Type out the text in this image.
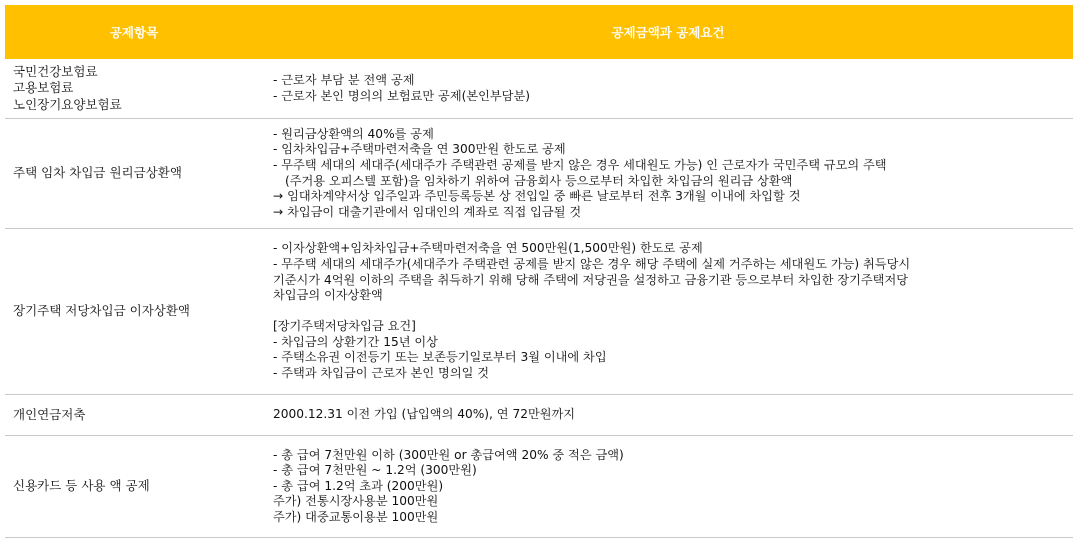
공제항목	공제금액과 공제요건
국민건강보험료
고용보험료
노인장기요양보험료
- 근로자 부담 분 전액 공제
- 근로자 본인 명의의 보험료만 공제(본인부담분)
주택 임차 차입금 원리금상환액
- 원리금상환액의 40%를 공제
- 임차차입금+주택마련저축을 연 300만원 한도로 공제
- 무주택 세대의 세대주(세대주가 주택관련 공제를 받지 않은 경우 세대원도 가능) 인 근로자가 국민주택 규모의 주택
(주거용 오피스텔 포함)을 임차하기 위하여 금융회사 등으로부터 차입한 차입금의 원리금 상환액
→ 임대차계약서상 입주일과 주민등록등본 상 전입일 중 빠른 날로부터 전후 3개월 이내에 차입할 것
→ 차입금이 대출기관에서 임대인의 계좌로 직접 입금될 것
장기주택 저당차입금 이자상환액
- 이자상환액+임차차입금+주택마련저축을 연 500만원(1,500만원) 한도로 공제
- 무주택 세대의 세대주가(세대주가 주택관련 공제를 받지 않은 경우 해당 주택에 실제 거주하는 세대원도 가능) 취득당시
기준시가 4억원 이하의 주택을 취득하기 위해 당해 주택에 저당권을 설정하고 금융기관 등으로부터 차입한 장기주택저당
차입금의 이자상환액
[장기주택저당차입금 요건]
- 차입금의 상환기간 15년 이상
- 주택소유권 이전등기 또는 보존등기일로부터 3월 이내에 차입
- 주택과 차입금이 근로자 본인 명의일 것
개인연금저축	2000.12.31 이전 가입 (납입액의 40%), 연 72만원까지
신용카드 등 사용 액 공제
- 총 급여 7천만원 이하 (300만원 or 총급여액 20% 중 적은 금액)
- 총 급여 7천만원 ~ 1.2억 (300만원)
- 총 급여 1.2억 초과 (200만원)
주가) 전통시장사용분 100만원
주가) 대중교통이용분 100만원
